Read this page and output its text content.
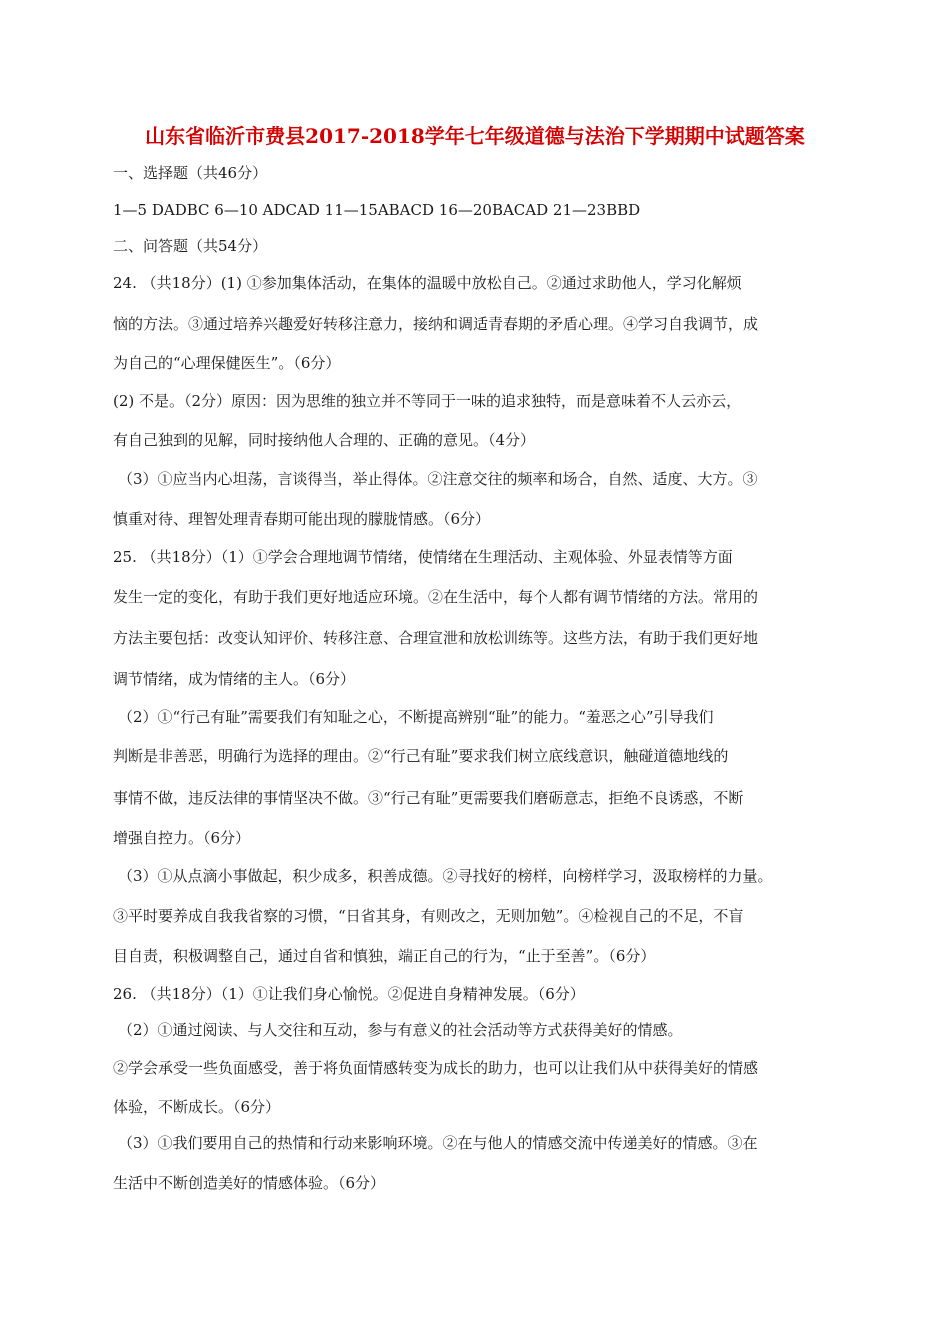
山东省临沂市费县2017-2018学年七年级道德与法治下学期期中试题答案
一、选择题（共46分）
1—5 DADBC 6—10 ADCAD 11—15ABACD 16—20BACAD 21—23BBD
二、问答题（共54分）
24. （共18分）(1) ①参加集体活动，在集体的温暖中放松自己。②通过求助他人，学习化解烦
恼的方法。③通过培养兴趣爱好转移注意力，接纳和调适青春期的矛盾心理。④学习自我调节，成
为自己的“心理保健医生”。（6分）
(2) 不是。（2分）原因：因为思维的独立并不等同于一味的追求独特，而是意味着不人云亦云，
有自己独到的见解，同时接纳他人合理的、正确的意见。（4分）
（3）①应当内心坦荡，言谈得当，举止得体。②注意交往的频率和场合，自然、适度、大方。③
慎重对待、理智处理青春期可能出现的朦胧情感。（6分）
25. （共18分）（1）①学会合理地调节情绪，使情绪在生理活动、主观体验、外显表情等方面
发生一定的变化，有助于我们更好地适应环境。②在生活中，每个人都有调节情绪的方法。常用的
方法主要包括：改变认知评价、转移注意、合理宣泄和放松训练等。这些方法，有助于我们更好地
调节情绪，成为情绪的主人。（6分）
（2）①“行己有耻”需要我们有知耻之心，不断提高辨别“耻”的能力。“羞恶之心”引导我们
判断是非善恶，明确行为选择的理由。②“行己有耻”要求我们树立底线意识，触碰道德地线的
事情不做，违反法律的事情坚决不做。③“行己有耻”更需要我们磨砺意志，拒绝不良诱惑，不断
增强自控力。（6分）
（3）①从点滴小事做起，积少成多，积善成德。②寻找好的榜样，向榜样学习，汲取榜样的力量。
③平时要养成自我我省察的习惯，“日省其身，有则改之，无则加勉”。④检视自己的不足，不盲
目自责，积极调整自己，通过自省和慎独，端正自己的行为，“止于至善”。（6分）
26. （共18分）（1）①让我们身心愉悦。②促进自身精神发展。（6分）
（2）①通过阅读、与人交往和互动，参与有意义的社会活动等方式获得美好的情感。
②学会承受一些负面感受，善于将负面情感转变为成长的助力，也可以让我们从中获得美好的情感
体验，不断成长。（6分）
（3）①我们要用自己的热情和行动来影响环境。②在与他人的情感交流中传递美好的情感。③在
生活中不断创造美好的情感体验。（6分）
